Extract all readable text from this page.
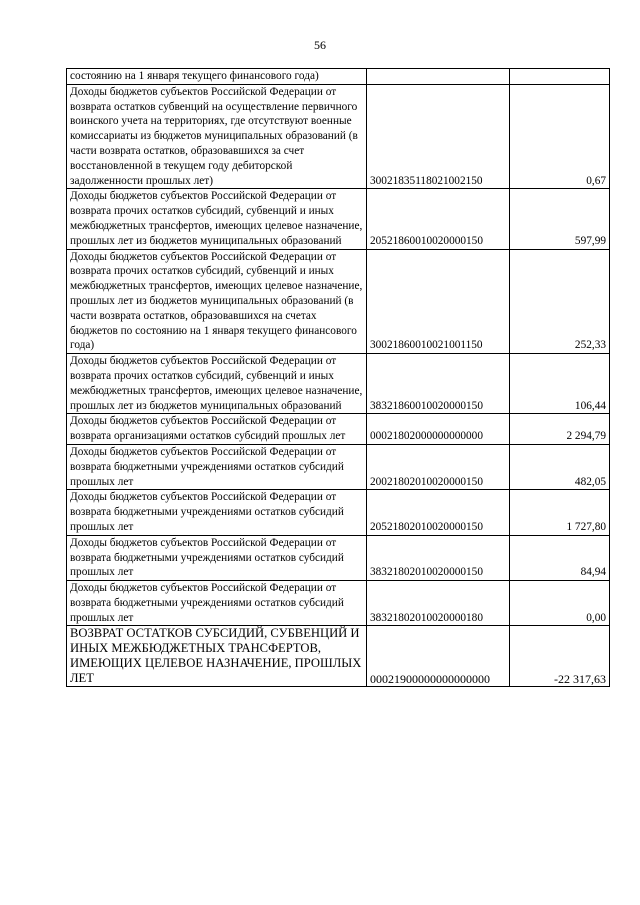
56
состоянию на 1 января текущего финансового года)		
Доходы бюджетов субъектов Российской Федерации от возврата остатков субвенций на осуществление первичного воинского учета на территориях, где отсутствуют военные комиссариаты из бюджетов муниципальных образований (в части возврата остатков, образовавшихся за счет восстановленной в текущем году дебиторской задолженности прошлых лет)	30021835118021002150	0,67
Доходы бюджетов субъектов Российской Федерации от возврата прочих остатков субсидий, субвенций и иных межбюджетных трансфертов, имеющих целевое назначение, прошлых лет из бюджетов муниципальных образований	20521860010020000150	597,99
Доходы бюджетов субъектов Российской Федерации от возврата прочих остатков субсидий, субвенций и иных межбюджетных трансфертов, имеющих целевое назначение, прошлых лет из бюджетов муниципальных образований (в части возврата остатков, образовавшихся на счетах бюджетов по состоянию на 1 января текущего финансового года)	30021860010021001150	252,33
Доходы бюджетов субъектов Российской Федерации от возврата прочих остатков субсидий, субвенций и иных межбюджетных трансфертов, имеющих целевое назначение, прошлых лет из бюджетов муниципальных образований	38321860010020000150	106,44
Доходы бюджетов субъектов Российской Федерации от возврата организациями остатков субсидий прошлых лет	00021802000000000000	2 294,79
Доходы бюджетов субъектов Российской Федерации от возврата бюджетными учреждениями остатков субсидий прошлых лет	20021802010020000150	482,05
Доходы бюджетов субъектов Российской Федерации от возврата бюджетными учреждениями остатков субсидий прошлых лет	20521802010020000150	1 727,80
Доходы бюджетов субъектов Российской Федерации от возврата бюджетными учреждениями остатков субсидий прошлых лет	38321802010020000150	84,94
Доходы бюджетов субъектов Российской Федерации от возврата бюджетными учреждениями остатков субсидий прошлых лет	38321802010020000180	0,00
ВОЗВРАТ ОСТАТКОВ СУБСИДИЙ, СУБВЕНЦИЙ И ИНЫХ МЕЖБЮДЖЕТНЫХ ТРАНСФЕРТОВ, ИМЕЮЩИХ ЦЕЛЕВОЕ НАЗНАЧЕНИЕ, ПРОШЛЫХ ЛЕТ	00021900000000000000	-22 317,63
